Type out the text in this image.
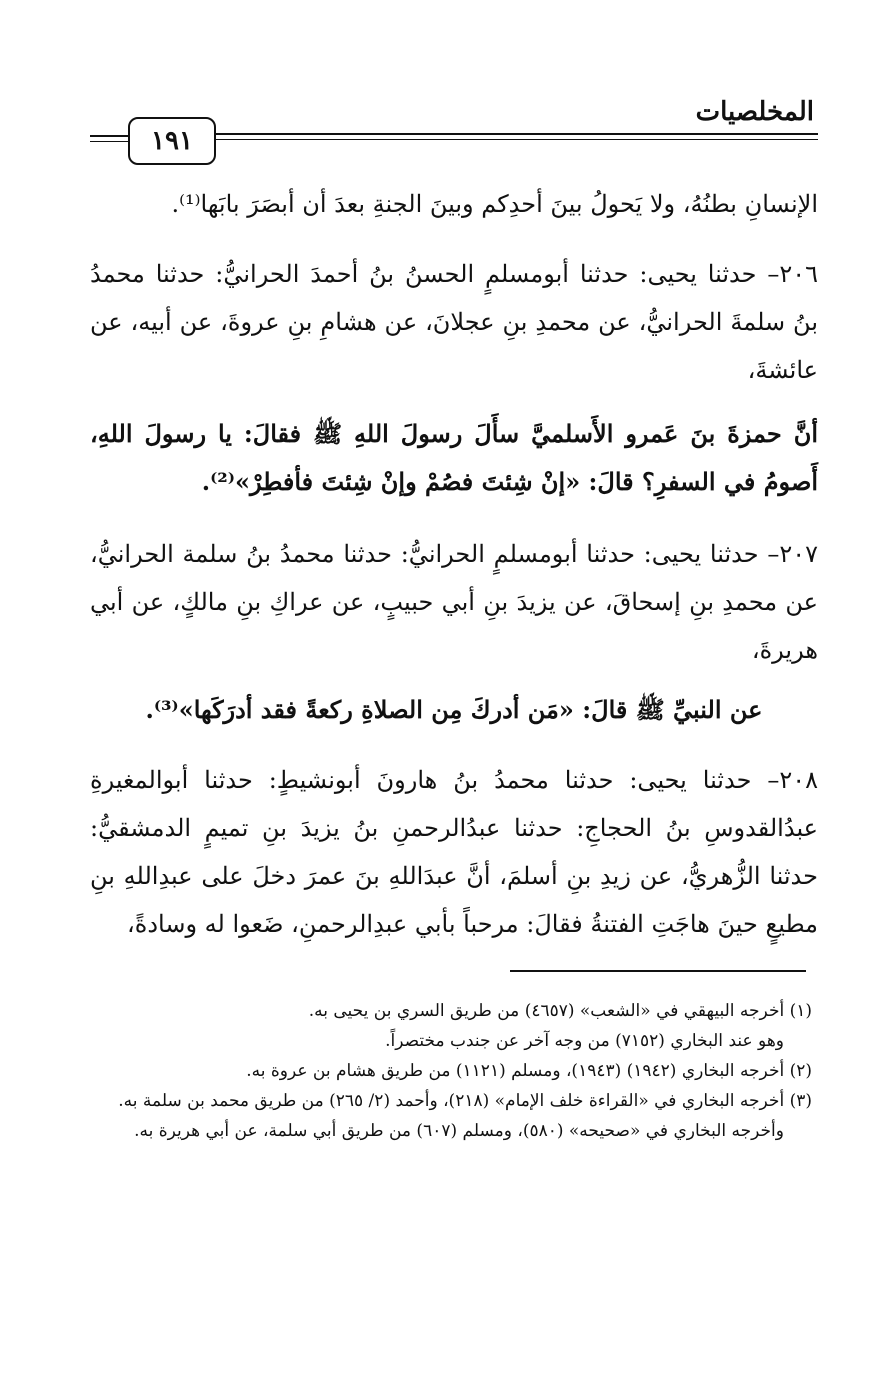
١٩١
المخلصيات

الإنسانِ بطنُهُ، ولا يَحولُ بينَ أحدِكم وبينَ الجنةِ بعدَ أن أبصَرَ بابَها⁽¹⁾.

٢٠٦– حدثنا يحيى: حدثنا أبومسلمٍ الحسنُ بنُ أحمدَ الحرانيُّ: حدثنا محمدُ بنُ سلمةَ الحرانيُّ، عن محمدِ بنِ عجلانَ، عن هشامِ بنِ عروةَ، عن أبيه، عن عائشةَ،

أنَّ حمزةَ بنَ عَمرو الأَسلميَّ سأَلَ رسولَ اللهِ ﷺ فقالَ: يا رسولَ اللهِ، أَصومُ في السفرِ؟ قالَ: «إنْ شِئتَ فصُمْ وإنْ شِئتَ فأفطِرْ»⁽²⁾.

٢٠٧– حدثنا يحيى: حدثنا أبومسلمٍ الحرانيُّ: حدثنا محمدُ بنُ سلمة الحرانيُّ، عن محمدِ بنِ إسحاقَ، عن يزيدَ بنِ أبي حبيبٍ، عن عراكِ بنِ مالكٍ، عن أبي هريرةَ،

عن النبيِّ ﷺ قالَ: «مَن أدركَ مِن الصلاةِ ركعةً فقد أدرَكَها»⁽³⁾.

٢٠٨– حدثنا يحيى: حدثنا محمدُ بنُ هارونَ أبونشيطٍ: حدثنا أبوالمغيرةِ عبدُالقدوسِ بنُ الحجاجِ: حدثنا عبدُالرحمنِ بنُ يزيدَ بنِ تميمٍ الدمشقيُّ: حدثنا الزُّهريُّ، عن زيدِ بنِ أسلمَ، أنَّ عبدَاللهِ بنَ عمرَ دخلَ على عبدِاللهِ بنِ مطيعٍ حينَ هاجَتِ الفتنةُ فقالَ: مرحباً بأبي عبدِالرحمنِ، ضَعوا له وسادةً،

(١) أخرجه البيهقي في «الشعب» (٤٦٥٧) من طريق السري بن يحيى به.

وهو عند البخاري (٧١٥٢) من وجه آخر عن جندب مختصراً.

(٢) أخرجه البخاري (١٩٤٢) (١٩٤٣)، ومسلم (١١٢١) من طريق هشام بن عروة به.

(٣) أخرجه البخاري في «القراءة خلف الإمام» (٢١٨)، وأحمد (٢/ ٢٦٥) من طريق محمد بن سلمة به.

وأخرجه البخاري في «صحيحه» (٥٨٠)، ومسلم (٦٠٧) من طريق أبي سلمة، عن أبي هريرة به.
